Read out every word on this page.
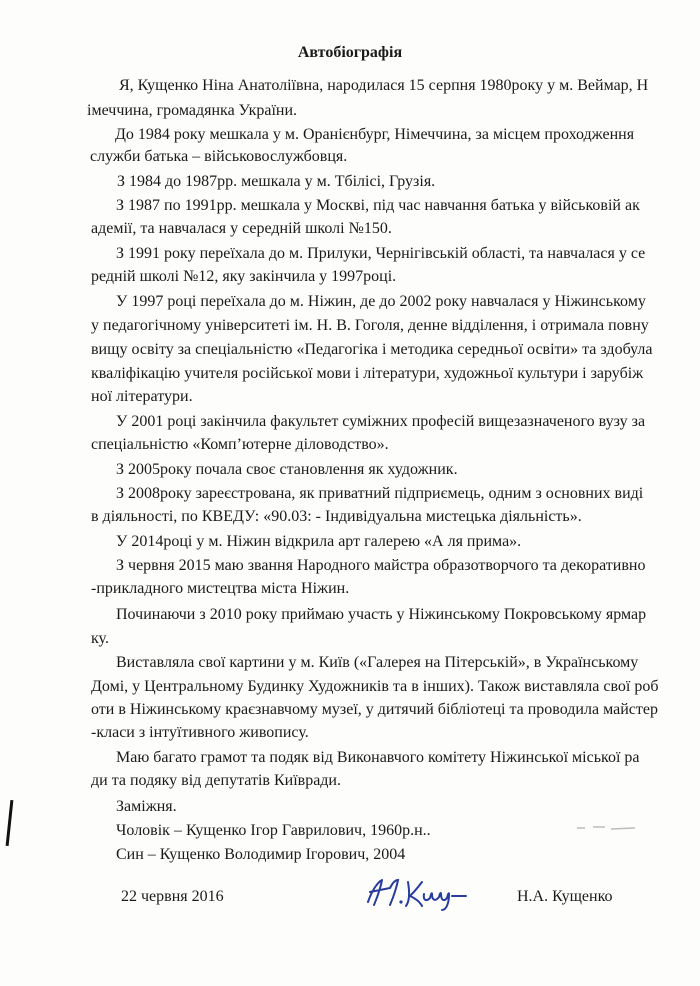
Автобіографія
Я, Кущенко Ніна Анатоліївна, народилася 15 серпня 1980року у м. Веймар, Н
імеччина, громадянка України.
До 1984 року мешкала у м. Оранієнбург, Німеччина, за місцем проходження
служби батька – військовослужбовця.
З 1984 до 1987рр. мешкала у м. Тбілісі, Грузія.
З 1987 по 1991рр. мешкала у Москві, під час навчання батька у військовій ак
адемії, та навчалася у середній школі №150.
З 1991 року переїхала до м. Прилуки, Чернігівській області, та навчалася у се
редній школі №12, яку закінчила у 1997році.
У 1997 році переїхала до м. Ніжин, де до 2002 року навчалася у Ніжинському
у педагогічному університеті ім. Н. В. Гоголя, денне відділення, і отримала повну
вищу освіту за спеціальністю «Педагогіка і методика середньої освіти» та здобула
кваліфікацію учителя російської мови і літератури, художньої культури і зарубіж
ної літератури.
У 2001 році закінчила факультет суміжних професій вищезазначеного вузу за
спеціальністю «Комп’ютерне діловодство».
З 2005року почала своє становлення як художник.
З 2008року зареєстрована, як приватний підприємець, одним з основних виді
в діяльності, по КВЕДУ: «90.03: - Індивідуальна мистецька діяльність».
У 2014році у м. Ніжин відкрила арт галерею «А ля прима».
З червня 2015 маю звання Народного майстра образотворчого та декоративно
-прикладного мистецтва міста Ніжин.
Починаючи з 2010 року приймаю участь у Ніжинському Покровському ярмар
ку.
Виставляла свої картини у м. Київ («Галерея на Пітерській», в Українському
Домі, у Центральному Будинку Художників та в інших). Також виставляла свої роб
оти в Ніжинському краєзнавчому музеї, у дитячий бібліотеці та проводила майстер
-класи з інтуїтивного живопису.
Маю багато грамот та подяк від Виконавчого комітету Ніжинської міської ра
ди та подяку від депутатів Київради.
Заміжня.
Чоловік – Кущенко Ігор Гаврилович, 1960р.н..
Син – Кущенко Володимир Ігорович, 2004
22 червня 2016	Н.А. Кущенко
